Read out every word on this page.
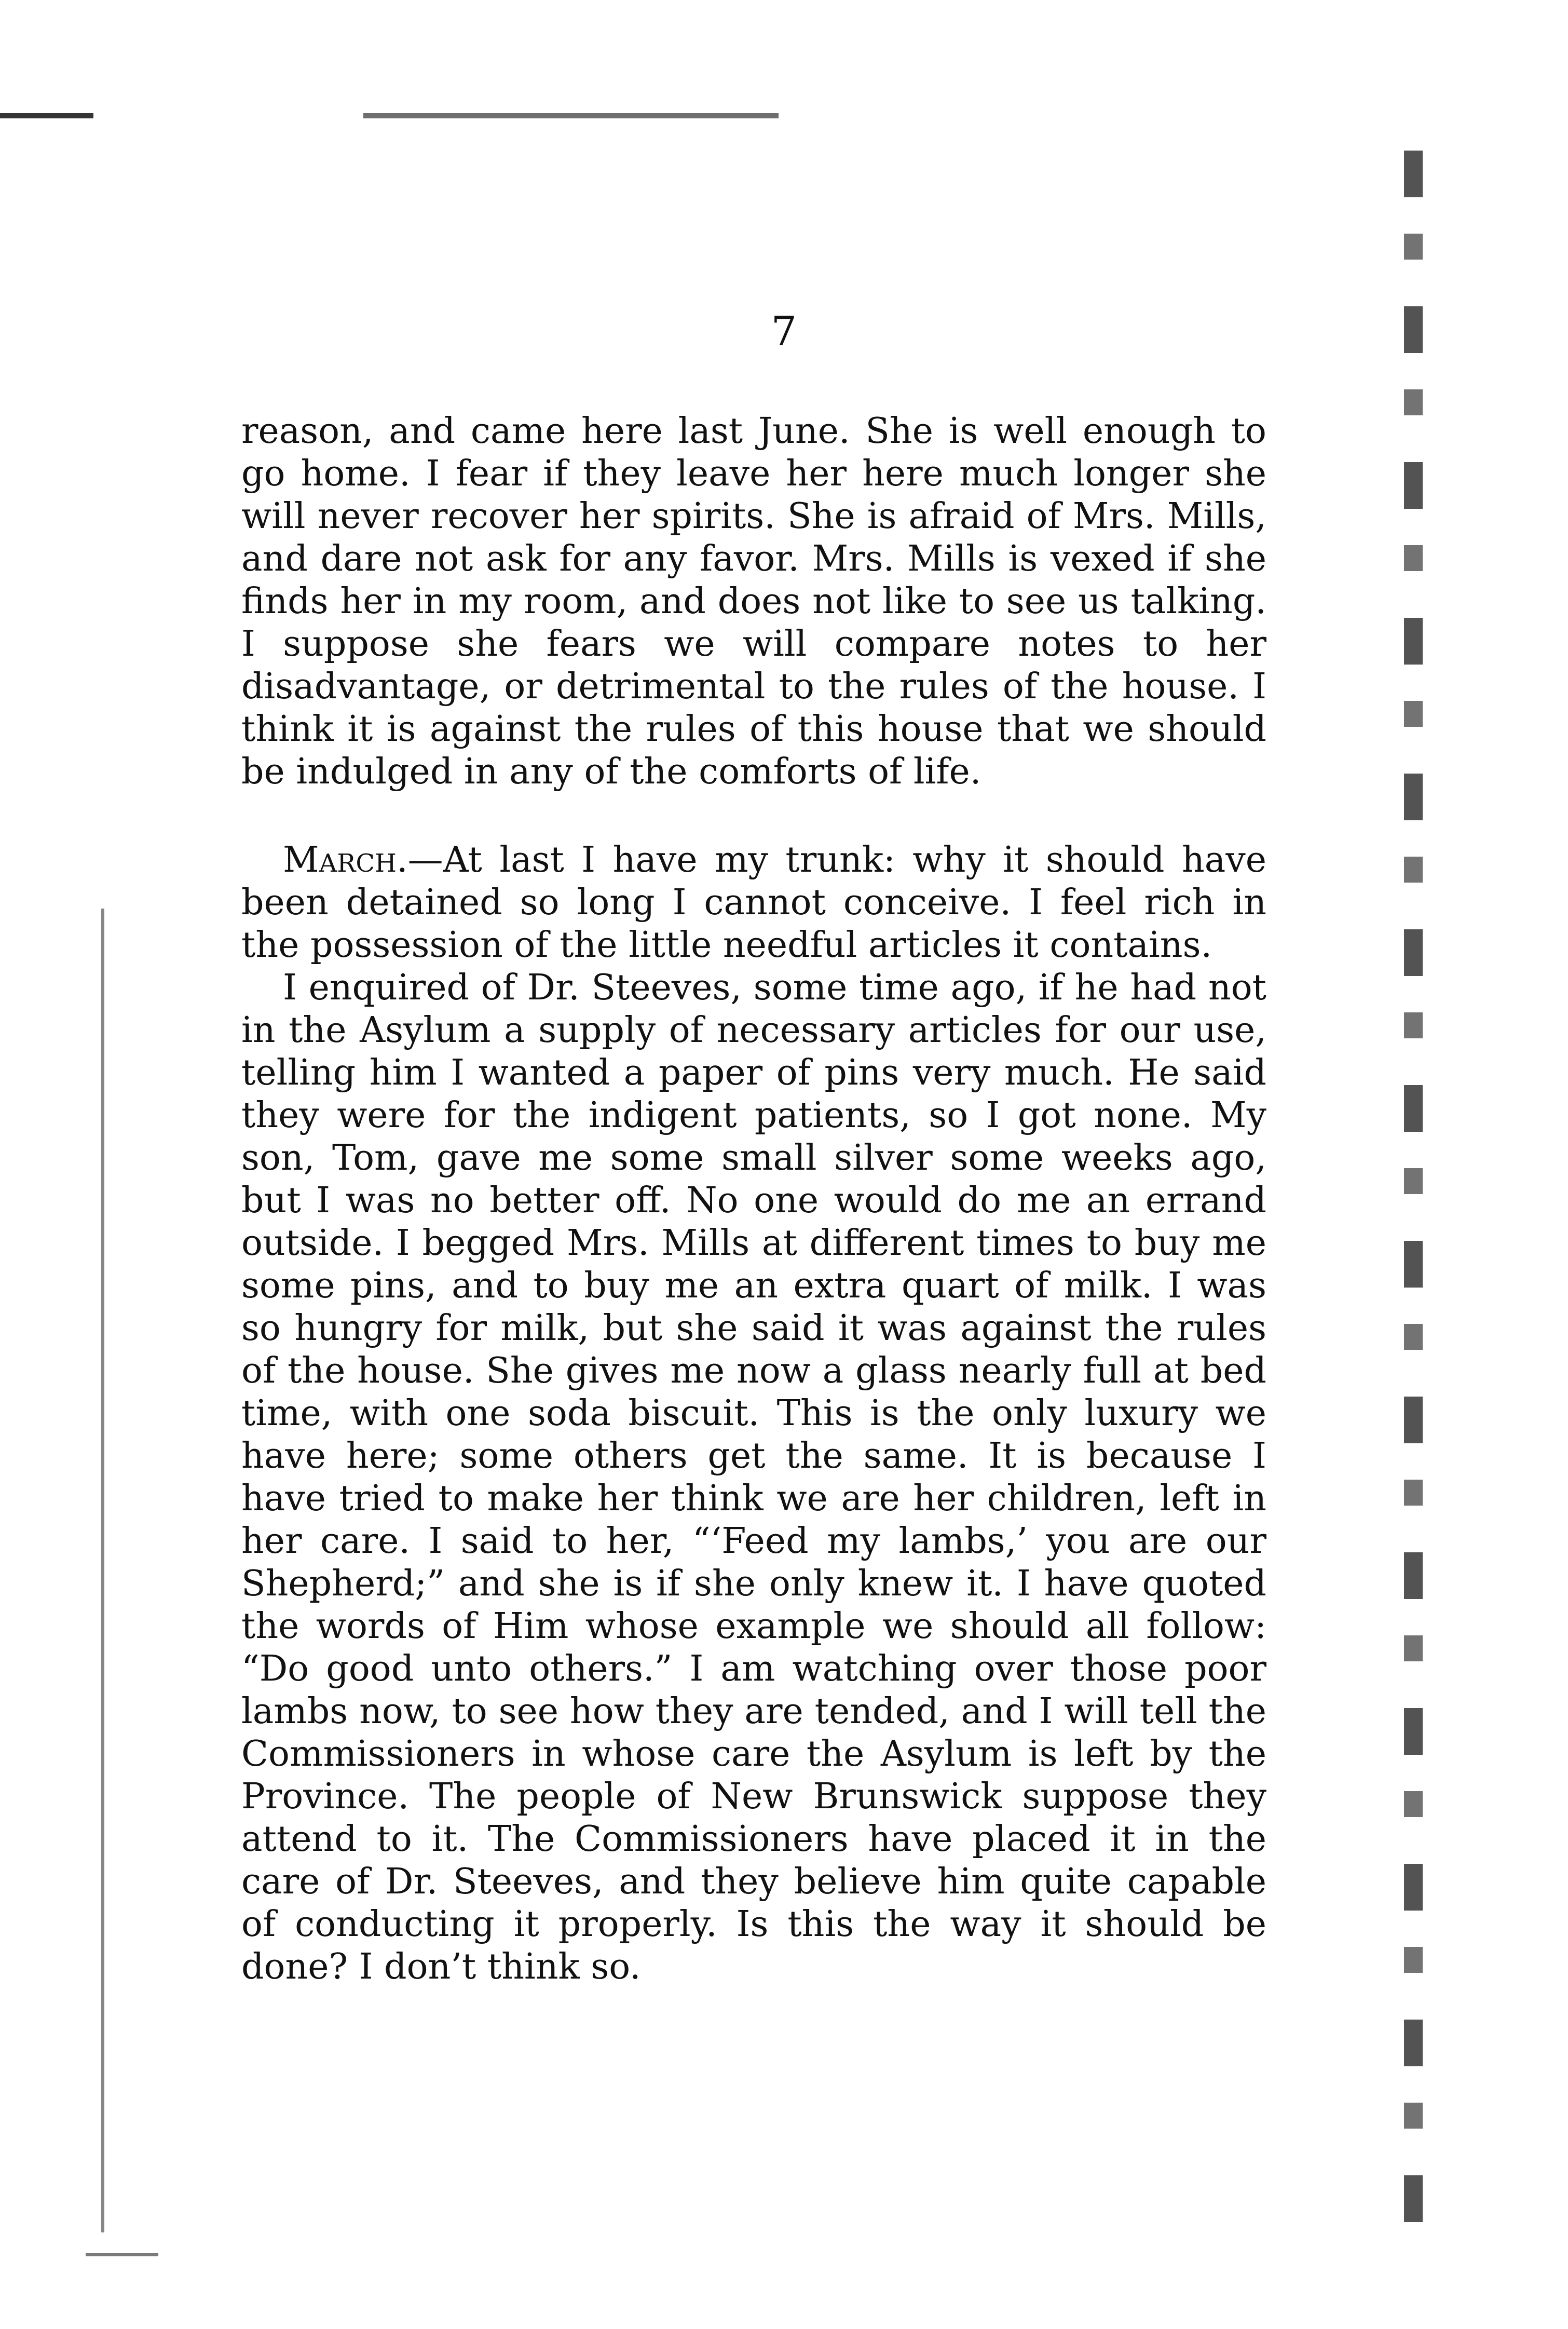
7

reason, and came here last June. She is well enough to go home. I fear if they leave her here much longer she will never recover her spirits. She is afraid of Mrs. Mills, and dare not ask for any favor. Mrs. Mills is vexed if she finds her in my room, and does not like to see us talking. I suppose she fears we will compare notes to her disadvantage, or detrimental to the rules of the house. I think it is against the rules of this house that we should be indulged in any of the comforts of life.

March.—At last I have my trunk: why it should have been detained so long I cannot conceive. I feel rich in the possession of the little needful articles it contains.

I enquired of Dr. Steeves, some time ago, if he had not in the Asylum a supply of necessary articles for our use, telling him I wanted a paper of pins very much. He said they were for the indigent patients, so I got none. My son, Tom, gave me some small silver some weeks ago, but I was no better off. No one would do me an errand outside. I begged Mrs. Mills at different times to buy me some pins, and to buy me an extra quart of milk. I was so hungry for milk, but she said it was against the rules of the house. She gives me now a glass nearly full at bed time, with one soda biscuit. This is the only luxury we have here; some others get the same. It is because I have tried to make her think we are her children, left in her care. I said to her, “‘Feed my lambs,’ you are our Shepherd;” and she is if she only knew it. I have quoted the words of Him whose example we should all follow: “Do good unto others.” I am watching over those poor lambs now, to see how they are tended, and I will tell the Commissioners in whose care the Asylum is left by the Province. The people of New Brunswick suppose they attend to it. The Commissioners have placed it in the care of Dr. Steeves, and they believe him quite capable of conducting it properly. Is this the way it should be done? I don’t think so.
